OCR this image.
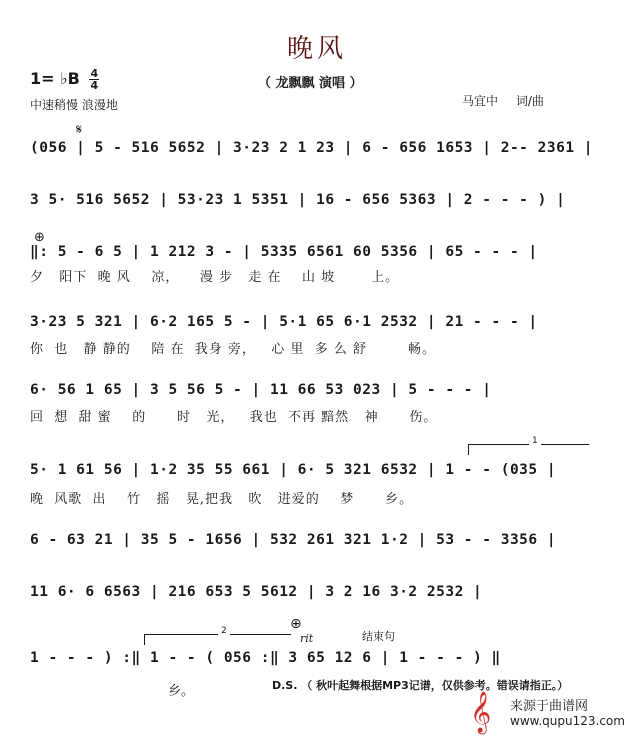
晚风
1= ♭B $\frac{4}{4}$	（ 龙飘飘 演唱 ）
中速稍慢 浪漫地	马宜中 词/曲
𝄋
(056 | 5 - 516 5652 | 3·23 2 1 23 | 6 - 656 1653 | 2-- 2361 |
3 5· 516 5652 | 53·23 1 5351 | 16 - 656 5363 | 2 - - - ) |
⊕
‖: 5 - 6 5 | 1 212 3 - | 5335 6561 60 5356 | 65 - - - |
夕   阳下  晚 风    凉，    漫 步   走 在    山 坡       上。
3·23 5 321 | 6·2 165 5 - | 5·1 65 6·1 2532 | 21 - - - |
你  也   静 静的    陪 在  我身 旁，   心 里  多 么 舒        畅。
6· 56 1 65 | 3 5 56 5 - | 11 66 53 023 | 5 - - - |
回  想  甜 蜜    的      时   光，   我也  不再 黯然   神      伤。
1
5· 1 61 56 | 1·2 35 55 661 | 6· 5 321 6532 | 1 - - (035 |
晚  风歌  出    竹   摇   晃,把我   吹   进爱的    梦      乡。
6 - 63 21 | 35 5 - 1656 | 532 261 321 1·2 | 53 - - 3356 |
11 6· 6 6563 | 216 653 5 5612 | 3 2 16 3·2 2532 |
2	⊕
rit	结束句
1 - - - ) :‖ 1 - - ( 056 :‖ 3 65 12 6 | 1 - - - ) ‖
乡。	D.S. （ 秋叶起舞根据MP3记谱，仅供参考。错误请指正。）
𝄞 来源于曲谱网
www.qupu123.com
